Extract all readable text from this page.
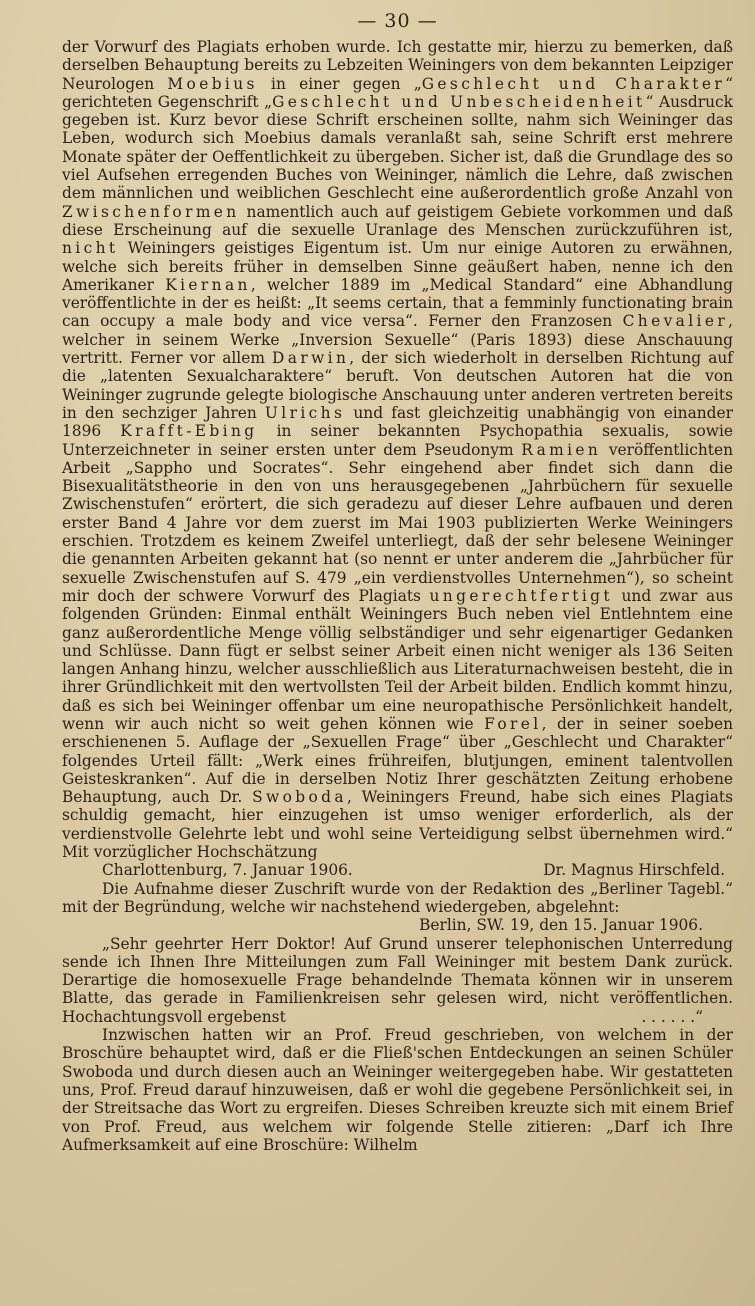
— 30 —

der Vorwurf des Plagiats erhoben wurde. Ich gestatte mir, hierzu zu bemerken, daß derselben Behauptung bereits zu Lebzeiten Weiningers von dem bekannten Leipziger Neurologen Moebius in einer gegen „Geschlecht und Charakter“ gerichteten Gegenschrift „Geschlecht und Unbescheidenheit“ Ausdruck gegeben ist. Kurz bevor diese Schrift erscheinen sollte, nahm sich Weininger das Leben, wodurch sich Moebius damals veranlaßt sah, seine Schrift erst mehrere Monate später der Oeffentlichkeit zu übergeben. Sicher ist, daß die Grundlage des so viel Aufsehen erregenden Buches von Weininger, nämlich die Lehre, daß zwischen dem männlichen und weiblichen Geschlecht eine außerordentlich große Anzahl von Zwischenformen namentlich auch auf geistigem Gebiete vorkommen und daß diese Erscheinung auf die sexuelle Uranlage des Menschen zurückzuführen ist, nicht Weiningers geistiges Eigentum ist. Um nur einige Autoren zu erwähnen, welche sich bereits früher in demselben Sinne geäußert haben, nenne ich den Amerikaner Kiernan, welcher 1889 im „Medical Standard“ eine Abhandlung veröffentlichte in der es heißt: „It seems certain, that a femminly functionating brain can occupy a male body and vice versa“. Ferner den Franzosen Chevalier, welcher in seinem Werke „Inversion Sexuelle“ (Paris 1893) diese Anschauung vertritt. Ferner vor allem Darwin, der sich wiederholt in derselben Richtung auf die „latenten Sexualcharaktere“ beruft. Von deutschen Autoren hat die von Weininger zugrunde gelegte biologische Anschauung unter anderen vertreten bereits in den sechziger Jahren Ulrichs und fast gleichzeitig unabhängig von einander 1896 Krafft-Ebing in seiner bekannten Psychopathia sexualis, sowie Unterzeichneter in seiner ersten unter dem Pseudonym Ramien veröffentlichten Arbeit „Sappho und Socrates“. Sehr eingehend aber findet sich dann die Bisexualitätstheorie in den von uns herausgegebenen „Jahrbüchern für sexuelle Zwischenstufen“ erörtert, die sich geradezu auf dieser Lehre aufbauen und deren erster Band 4 Jahre vor dem zuerst im Mai 1903 publizierten Werke Weiningers erschien. Trotzdem es keinem Zweifel unterliegt, daß der sehr belesene Weininger die genannten Arbeiten gekannt hat (so nennt er unter anderem die „Jahrbücher für sexuelle Zwischenstufen auf S. 479 „ein verdienstvolles Unternehmen“), so scheint mir doch der schwere Vorwurf des Plagiats ungerechtfertigt und zwar aus folgenden Gründen: Einmal enthält Weiningers Buch neben viel Entlehntem eine ganz außerordentliche Menge völlig selbständiger und sehr eigenartiger Gedanken und Schlüsse. Dann fügt er selbst seiner Arbeit einen nicht weniger als 136 Seiten langen Anhang hinzu, welcher ausschließlich aus Literaturnachweisen besteht, die in ihrer Gründlichkeit mit den wertvollsten Teil der Arbeit bilden. Endlich kommt hinzu, daß es sich bei Weininger offenbar um eine neuropathische Persönlichkeit handelt, wenn wir auch nicht so weit gehen können wie Forel, der in seiner soeben erschienenen 5. Auflage der „Sexuellen Frage“ über „Geschlecht und Charakter“ folgendes Urteil fällt: „Werk eines frühreifen, blutjungen, eminent talentvollen Geisteskranken“. Auf die in derselben Notiz Ihrer geschätzten Zeitung erhobene Behauptung, auch Dr. Swoboda, Weiningers Freund, habe sich eines Plagiats schuldig gemacht, hier einzugehen ist umso weniger erforderlich, als der verdienstvolle Gelehrte lebt und wohl seine Verteidigung selbst übernehmen wird.“ Mit vorzüglicher Hochschätzung

Charlottenburg, 7. Januar 1906.	Dr. Magnus Hirschfeld.

Die Aufnahme dieser Zuschrift wurde von der Redaktion des „Berliner Tagebl.“ mit der Begründung, welche wir nachstehend wiedergeben, abgelehnt:

Berlin, SW. 19, den 15. Januar 1906.

„Sehr geehrter Herr Doktor! Auf Grund unserer telephonischen Unterredung sende ich Ihnen Ihre Mitteilungen zum Fall Weininger mit bestem Dank zurück. Derartige die homosexuelle Frage behandelnde Themata können wir in unserem Blatte, das gerade in Familienkreisen sehr gelesen wird, nicht veröffentlichen. Hochachtungsvoll ergebenst	. . . . . .“

Inzwischen hatten wir an Prof. Freud geschrieben, von welchem in der Broschüre behauptet wird, daß er die Fließ'schen Entdeckungen an seinen Schüler Swoboda und durch diesen auch an Weininger weitergegeben habe. Wir gestatteten uns, Prof. Freud darauf hinzuweisen, daß er wohl die gegebene Persönlichkeit sei, in der Streitsache das Wort zu ergreifen. Dieses Schreiben kreuzte sich mit einem Brief von Prof. Freud, aus welchem wir folgende Stelle zitieren: „Darf ich Ihre Aufmerksamkeit auf eine Broschüre: Wilhelm
